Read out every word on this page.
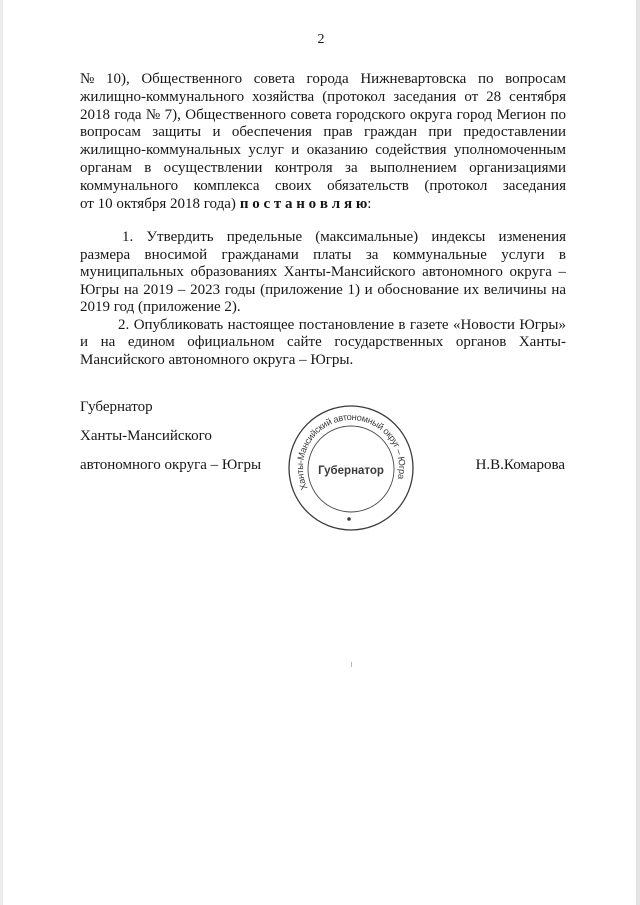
2
№ 10), Общественного совета города Нижневартовска по вопросам
жилищно-коммунального хозяйства (протокол заседания от 28 сентября
2018 года № 7), Общественного совета городского округа город Мегион по
вопросам защиты и обеспечения прав граждан при предоставлении
жилищно-коммунальных услуг и оказанию содействия уполномоченным
органам в осуществлении контроля за выполнением организациями
коммунального комплекса своих обязательств (протокол заседания
от 10 октября 2018 года) п о с т а н о в л я ю:
1. Утвердить предельные (максимальные) индексы изменения
размера вносимой гражданами платы за коммунальные услуги в
муниципальных образованиях Ханты-Мансийского автономного округа –
Югры на 2019 – 2023 годы (приложение 1) и обоснование их величины на
2019 год (приложение 2).
2. Опубликовать настоящее постановление в газете «Новости Югры»
и на едином официальном сайте государственных органов Ханты-
Мансийского автономного округа – Югры.
Губернатор
Ханты-Мансийского
автономного округа – Югры
Ханты-Мансийский автономный округ – Югра
Губернатор	Н.В.Комарова
